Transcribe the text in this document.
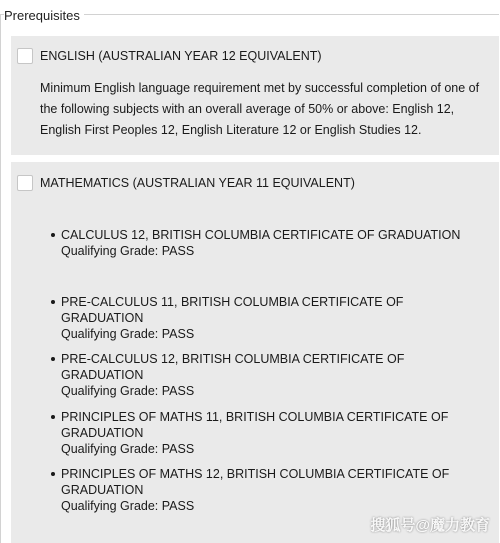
Prerequisites
ENGLISH (AUSTRALIAN YEAR 12 EQUIVALENT)
Minimum English language requirement met by successful completion of one of the following subjects with an overall average of 50% or above: English 12, English First Peoples 12, English Literature 12 or English Studies 12.
MATHEMATICS (AUSTRALIAN YEAR 11 EQUIVALENT)
CALCULUS 12, BRITISH COLUMBIA CERTIFICATE OF GRADUATION
Qualifying Grade: PASS
PRE-CALCULUS 11, BRITISH COLUMBIA CERTIFICATE OF GRADUATION
Qualifying Grade: PASS
PRE-CALCULUS 12, BRITISH COLUMBIA CERTIFICATE OF GRADUATION
Qualifying Grade: PASS
PRINCIPLES OF MATHS 11, BRITISH COLUMBIA CERTIFICATE OF GRADUATION
Qualifying Grade: PASS
PRINCIPLES OF MATHS 12, BRITISH COLUMBIA CERTIFICATE OF GRADUATION
Qualifying Grade: PASS
搜狐号@魔力教育
